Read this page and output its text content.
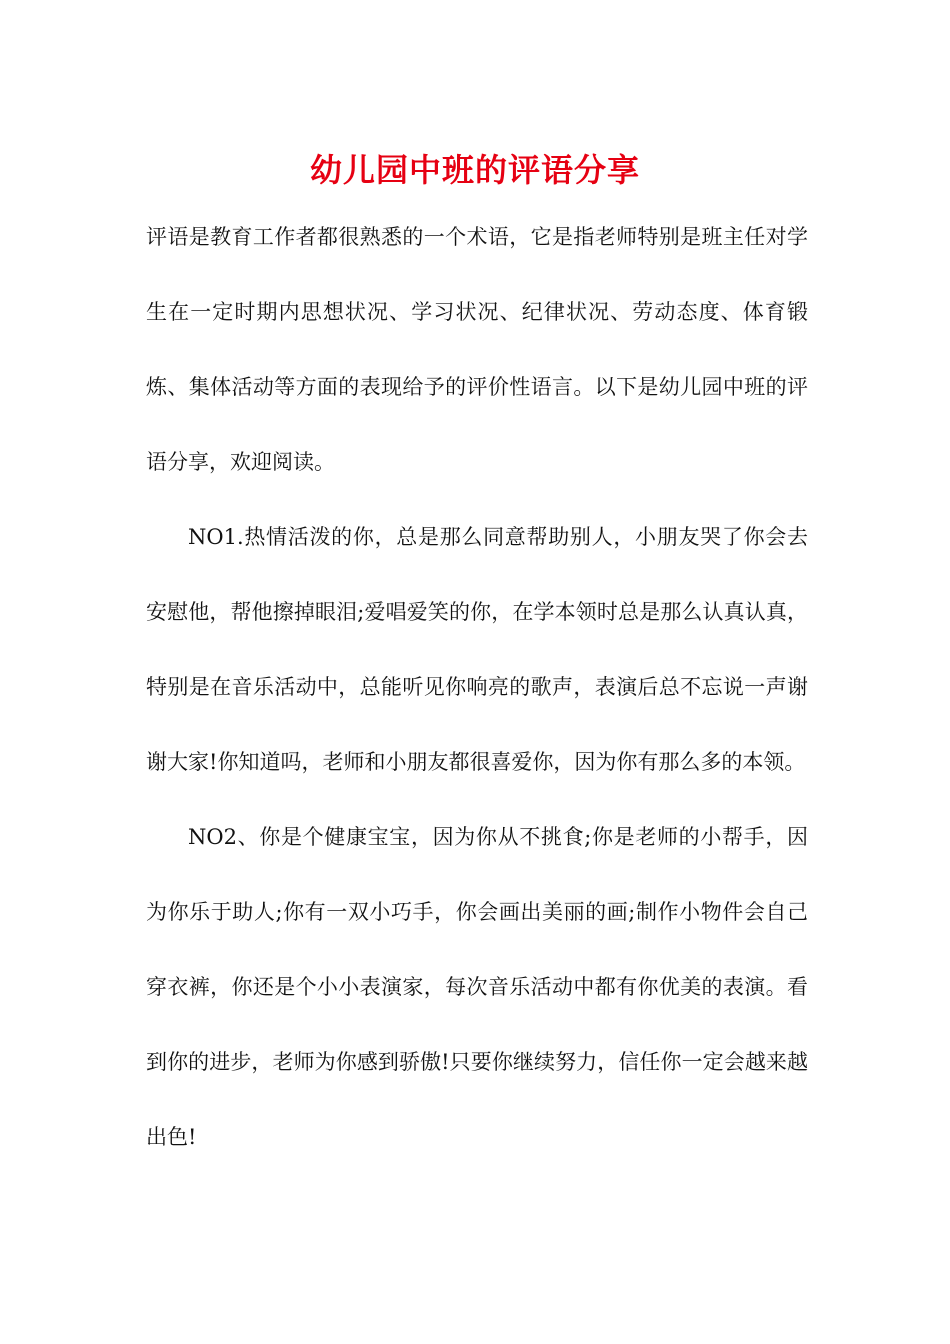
幼儿园中班的评语分享

评语是教育工作者都很熟悉的一个术语，它是指老师特别是班主任对学生在一定时期内思想状况、学习状况、纪律状况、劳动态度、体育锻炼、集体活动等方面的表现给予的评价性语言。以下是幼儿园中班的评语分享，欢迎阅读。

NO1.热情活泼的你，总是那么同意帮助别人，小朋友哭了你会去安慰他，帮他擦掉眼泪;爱唱爱笑的你，在学本领时总是那么认真认真，特别是在音乐活动中，总能听见你响亮的歌声，表演后总不忘说一声谢谢大家!你知道吗，老师和小朋友都很喜爱你，因为你有那么多的本领。

NO2、你是个健康宝宝，因为你从不挑食;你是老师的小帮手，因为你乐于助人;你有一双小巧手，你会画出美丽的画;制作小物件会自己穿衣裤，你还是个小小表演家，每次音乐活动中都有你优美的表演。看到你的进步，老师为你感到骄傲!只要你继续努力，信任你一定会越来越出色!
